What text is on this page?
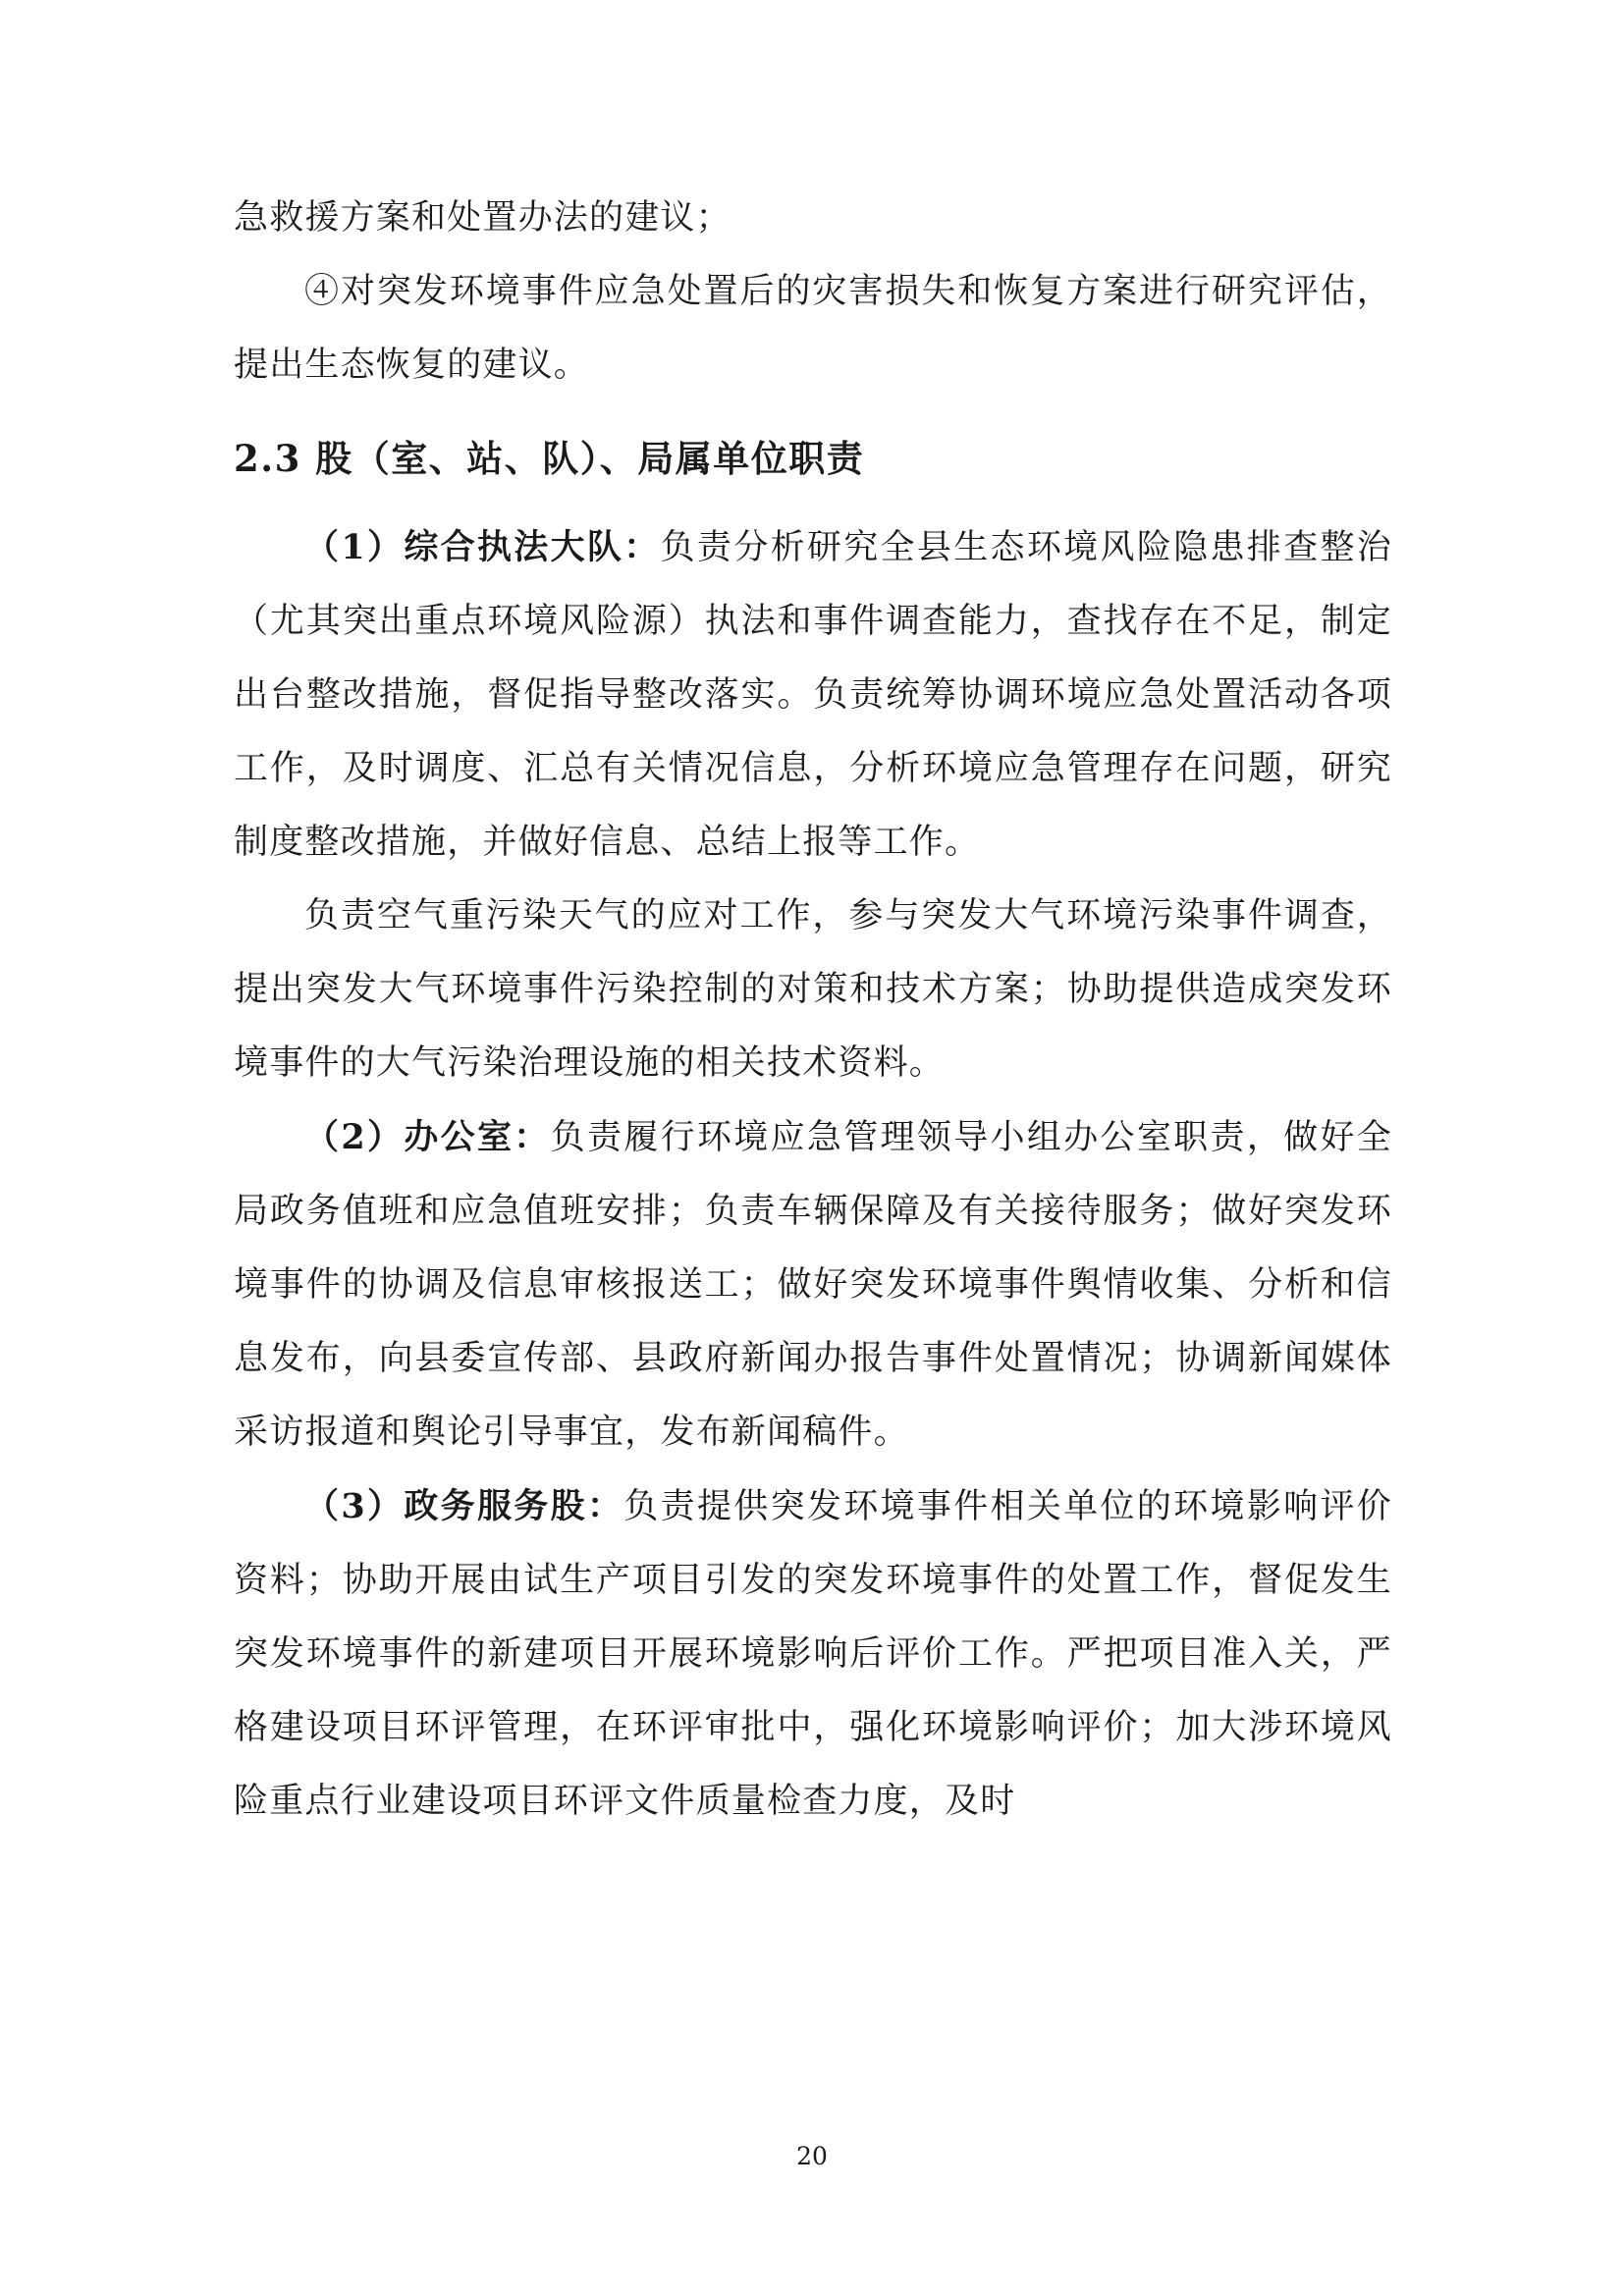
急救援方案和处置办法的建议；

④对突发环境事件应急处置后的灾害损失和恢复方案进行研究评估，提出生态恢复的建议。

2.3 股（室、站、队）、局属单位职责

（1）综合执法大队：负责分析研究全县生态环境风险隐患排查整治（尤其突出重点环境风险源）执法和事件调查能力，查找存在不足，制定出台整改措施，督促指导整改落实。负责统筹协调环境应急处置活动各项工作，及时调度、汇总有关情况信息，分析环境应急管理存在问题，研究制度整改措施，并做好信息、总结上报等工作。

负责空气重污染天气的应对工作，参与突发大气环境污染事件调查，提出突发大气环境事件污染控制的对策和技术方案；协助提供造成突发环境事件的大气污染治理设施的相关技术资料。

（2）办公室：负责履行环境应急管理领导小组办公室职责，做好全局政务值班和应急值班安排；负责车辆保障及有关接待服务；做好突发环境事件的协调及信息审核报送工；做好突发环境事件舆情收集、分析和信息发布，向县委宣传部、县政府新闻办报告事件处置情况；协调新闻媒体采访报道和舆论引导事宜，发布新闻稿件。

（3）政务服务股：负责提供突发环境事件相关单位的环境影响评价资料；协助开展由试生产项目引发的突发环境事件的处置工作，督促发生突发环境事件的新建项目开展环境影响后评价工作。严把项目准入关，严格建设项目环评管理，在环评审批中，强化环境影响评价；加大涉环境风险重点行业建设项目环评文件质量检查力度，及时

20
